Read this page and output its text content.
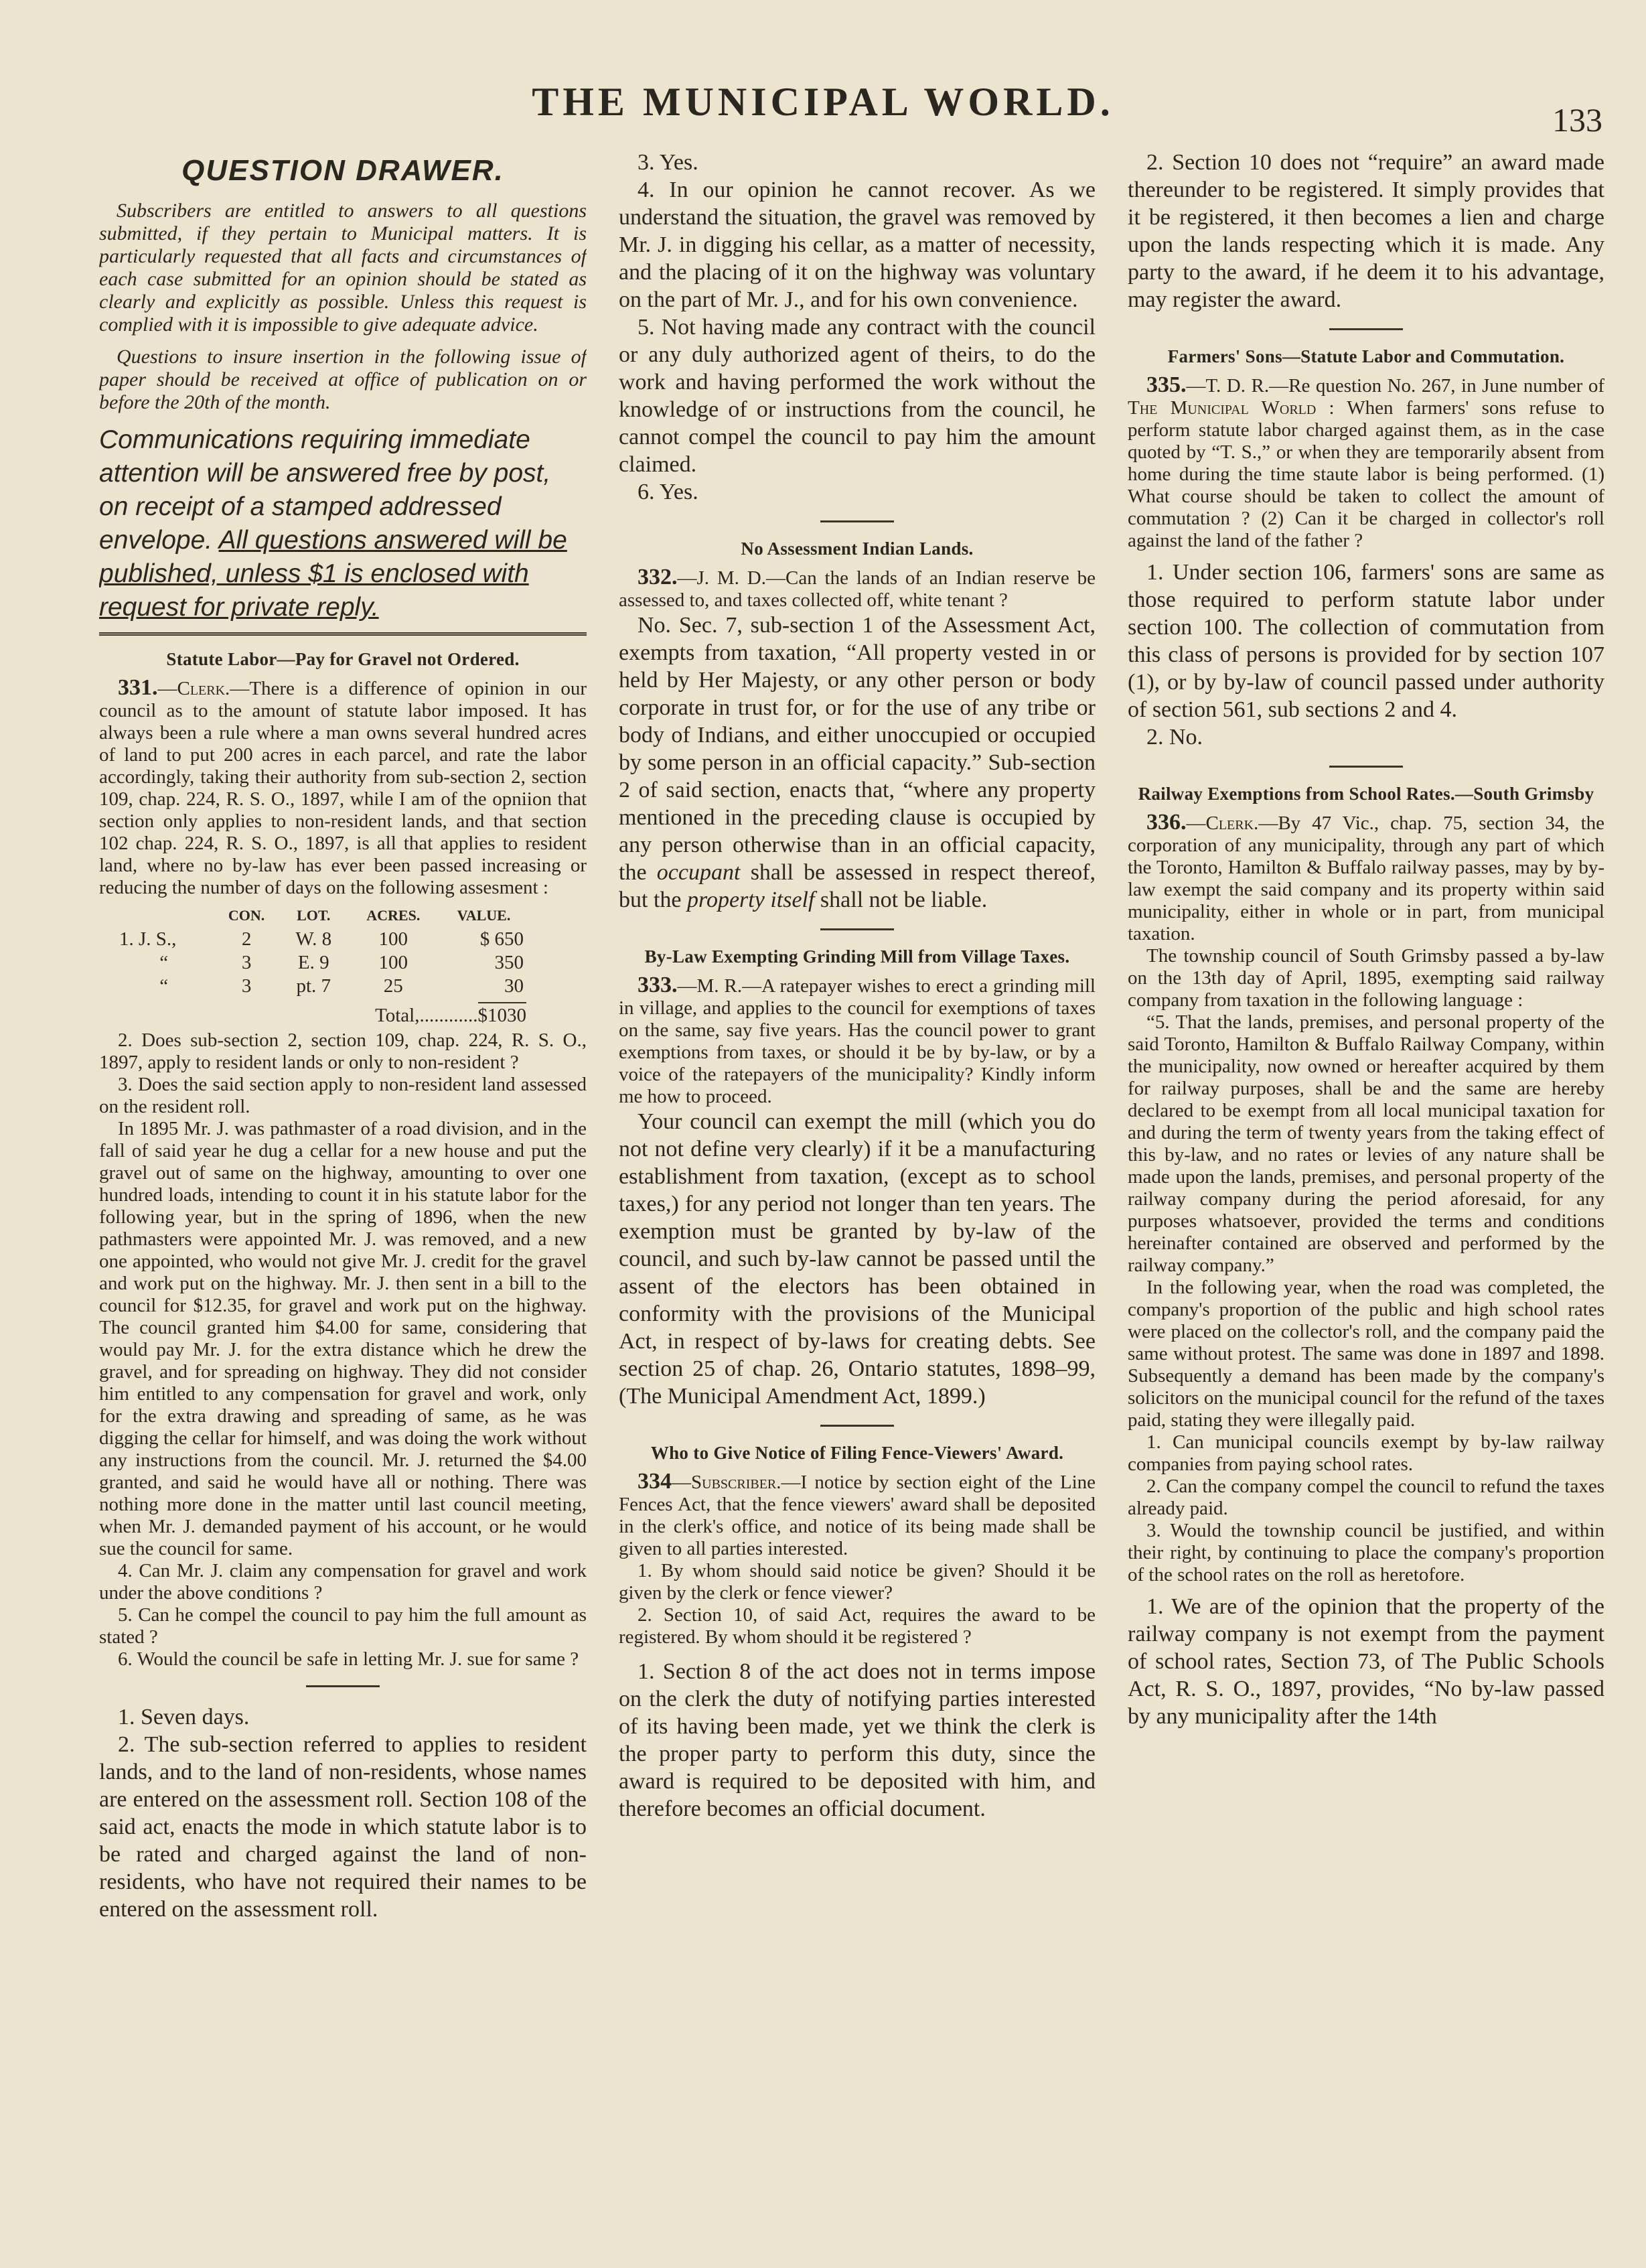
THE MUNICIPAL WORLD.	133
QUESTION DRAWER.

Subscribers are entitled to answers to all questions submitted, if they pertain to Municipal matters. It is particularly requested that all facts and circumstances of each case submitted for an opinion should be stated as clearly and explicitly as possible. Unless this request is complied with it is impossible to give adequate advice.

Questions to insure insertion in the following issue of paper should be received at office of publication on or before the 20th of the month.

Communications requiring immediate attention will be answered free by post, on receipt of a stamped addressed envelope. All questions answered will be published, unless $1 is enclosed with request for private reply.

Statute Labor—Pay for Gravel not Ordered.

331.—Clerk.—There is a difference of opinion in our council as to the amount of statute labor imposed. It has always been a rule where a man owns several hundred acres of land to put 200 acres in each parcel, and rate the labor accordingly, taking their authority from sub-section 2, section 109, chap. 224, R. S. O., 1897, while I am of the opniion that section only applies to non-resident lands, and that section 102 chap. 224, R. S. O., 1897, is all that applies to resident land, where no by-law has ever been passed increasing or reducing the number of days on the following assesment :

	CON.	LOT.	ACRES.	VALUE.
1. J. S.,	2	W. 8	100	$ 650
“	3	E. 9	100	350
“	3	pt. 7	25	30
Total,............$1030

2. Does sub-section 2, section 109, chap. 224, R. S. O., 1897, apply to resident lands or only to non-resident ?

3. Does the said section apply to non-resident land assessed on the resident roll.

In 1895 Mr. J. was pathmaster of a road division, and in the fall of said year he dug a cellar for a new house and put the gravel out of same on the highway, amounting to over one hundred loads, intending to count it in his statute labor for the following year, but in the spring of 1896, when the new pathmasters were appointed Mr. J. was removed, and a new one appointed, who would not give Mr. J. credit for the gravel and work put on the highway. Mr. J. then sent in a bill to the council for $12.35, for gravel and work put on the highway. The council granted him $4.00 for same, considering that would pay Mr. J. for the extra distance which he drew the gravel, and for spreading on highway. They did not consider him entitled to any compensation for gravel and work, only for the extra drawing and spreading of same, as he was digging the cellar for himself, and was doing the work without any instructions from the council. Mr. J. returned the $4.00 granted, and said he would have all or nothing. There was nothing more done in the matter until last council meeting, when Mr. J. demanded payment of his account, or he would sue the council for same.

4. Can Mr. J. claim any compensation for gravel and work under the above conditions ?

5. Can he compel the council to pay him the full amount as stated ?

6. Would the council be safe in letting Mr. J. sue for same ?

1. Seven days.

2. The sub-section referred to applies to resident lands, and to the land of non-residents, whose names are entered on the assessment roll. Section 108 of the said act, enacts the mode in which statute labor is to be rated and charged against the land of non-residents, who have not required their names to be entered on the assessment roll.

3. Yes.

4. In our opinion he cannot recover. As we understand the situation, the gravel was removed by Mr. J. in digging his cellar, as a matter of necessity, and the placing of it on the highway was voluntary on the part of Mr. J., and for his own convenience.

5. Not having made any contract with the council or any duly authorized agent of theirs, to do the work and having performed the work without the knowledge of or instructions from the council, he cannot compel the council to pay him the amount claimed.

6. Yes.

No Assessment Indian Lands.

332.—J. M. D.—Can the lands of an Indian reserve be assessed to, and taxes collected off, white tenant ?

No. Sec. 7, sub-section 1 of the Assessment Act, exempts from taxation, “All property vested in or held by Her Majesty, or any other person or body corporate in trust for, or for the use of any tribe or body of Indians, and either unoccupied or occupied by some person in an official capacity.” Sub-section 2 of said section, enacts that, “where any property mentioned in the preceding clause is occupied by any person otherwise than in an official capacity, the occupant shall be assessed in respect thereof, but the property itself shall not be liable.

By-Law Exempting Grinding Mill from Village Taxes.

333.—M. R.—A ratepayer wishes to erect a grinding mill in village, and applies to the council for exemptions of taxes on the same, say five years. Has the council power to grant exemptions from taxes, or should it be by by-law, or by a voice of the ratepayers of the municipality? Kindly inform me how to proceed.

Your council can exempt the mill (which you do not not define very clearly) if it be a manufacturing establishment from taxation, (except as to school taxes,) for any period not longer than ten years. The exemption must be granted by by-law of the council, and such by-law cannot be passed until the assent of the electors has been obtained in conformity with the provisions of the Municipal Act, in respect of by-laws for creating debts. See section 25 of chap. 26, Ontario statutes, 1898–99, (The Municipal Amendment Act, 1899.)

Who to Give Notice of Filing Fence-Viewers' Award.

334—Subscriber.—I notice by section eight of the Line Fences Act, that the fence viewers' award shall be deposited in the clerk's office, and notice of its being made shall be given to all parties interested.

1. By whom should said notice be given? Should it be given by the clerk or fence viewer?

2. Section 10, of said Act, requires the award to be registered. By whom should it be registered ?

1. Section 8 of the act does not in terms impose on the clerk the duty of notifying parties interested of its having been made, yet we think the clerk is the proper party to perform this duty, since the award is required to be deposited with him, and therefore becomes an official document.

2. Section 10 does not “require” an award made thereunder to be registered. It simply provides that it be registered, it then becomes a lien and charge upon the lands respecting which it is made. Any party to the award, if he deem it to his advantage, may register the award.

Farmers' Sons—Statute Labor and Commutation.

335.—T. D. R.—Re question No. 267, in June number of The Municipal World : When farmers' sons refuse to perform statute labor charged against them, as in the case quoted by “T. S.,” or when they are temporarily absent from home during the time staute labor is being performed. (1) What course should be taken to collect the amount of commutation ? (2) Can it be charged in collector's roll against the land of the father ?

1. Under section 106, farmers' sons are same as those required to perform statute labor under section 100. The collection of commutation from this class of persons is provided for by section 107 (1), or by by-law of council passed under authority of section 561, sub sections 2 and 4.

2. No.

Railway Exemptions from School Rates.—South Grimsby

336.—Clerk.—By 47 Vic., chap. 75, section 34, the corporation of any municipality, through any part of which the Toronto, Hamilton & Buffalo railway passes, may by by-law exempt the said company and its property within said municipality, either in whole or in part, from municipal taxation.

The township council of South Grimsby passed a by-law on the 13th day of April, 1895, exempting said railway company from taxation in the following language :

“5. That the lands, premises, and personal property of the said Toronto, Hamilton & Buffalo Railway Company, within the municipality, now owned or hereafter acquired by them for railway purposes, shall be and the same are hereby declared to be exempt from all local municipal taxation for and during the term of twenty years from the taking effect of this by-law, and no rates or levies of any nature shall be made upon the lands, premises, and personal property of the railway company during the period aforesaid, for any purposes whatsoever, provided the terms and conditions hereinafter contained are observed and performed by the railway company.”

In the following year, when the road was completed, the company's proportion of the public and high school rates were placed on the collector's roll, and the company paid the same without protest. The same was done in 1897 and 1898. Subsequently a demand has been made by the company's solicitors on the municipal council for the refund of the taxes paid, stating they were illegally paid.

1. Can municipal councils exempt by by-law railway companies from paying school rates.

2. Can the company compel the council to refund the taxes already paid.

3. Would the township council be justified, and within their right, by continuing to place the company's proportion of the school rates on the roll as heretofore.

1. We are of the opinion that the property of the railway company is not exempt from the payment of school rates, Section 73, of The Public Schools Act, R. S. O., 1897, provides, “No by-law passed by any municipality after the 14th
